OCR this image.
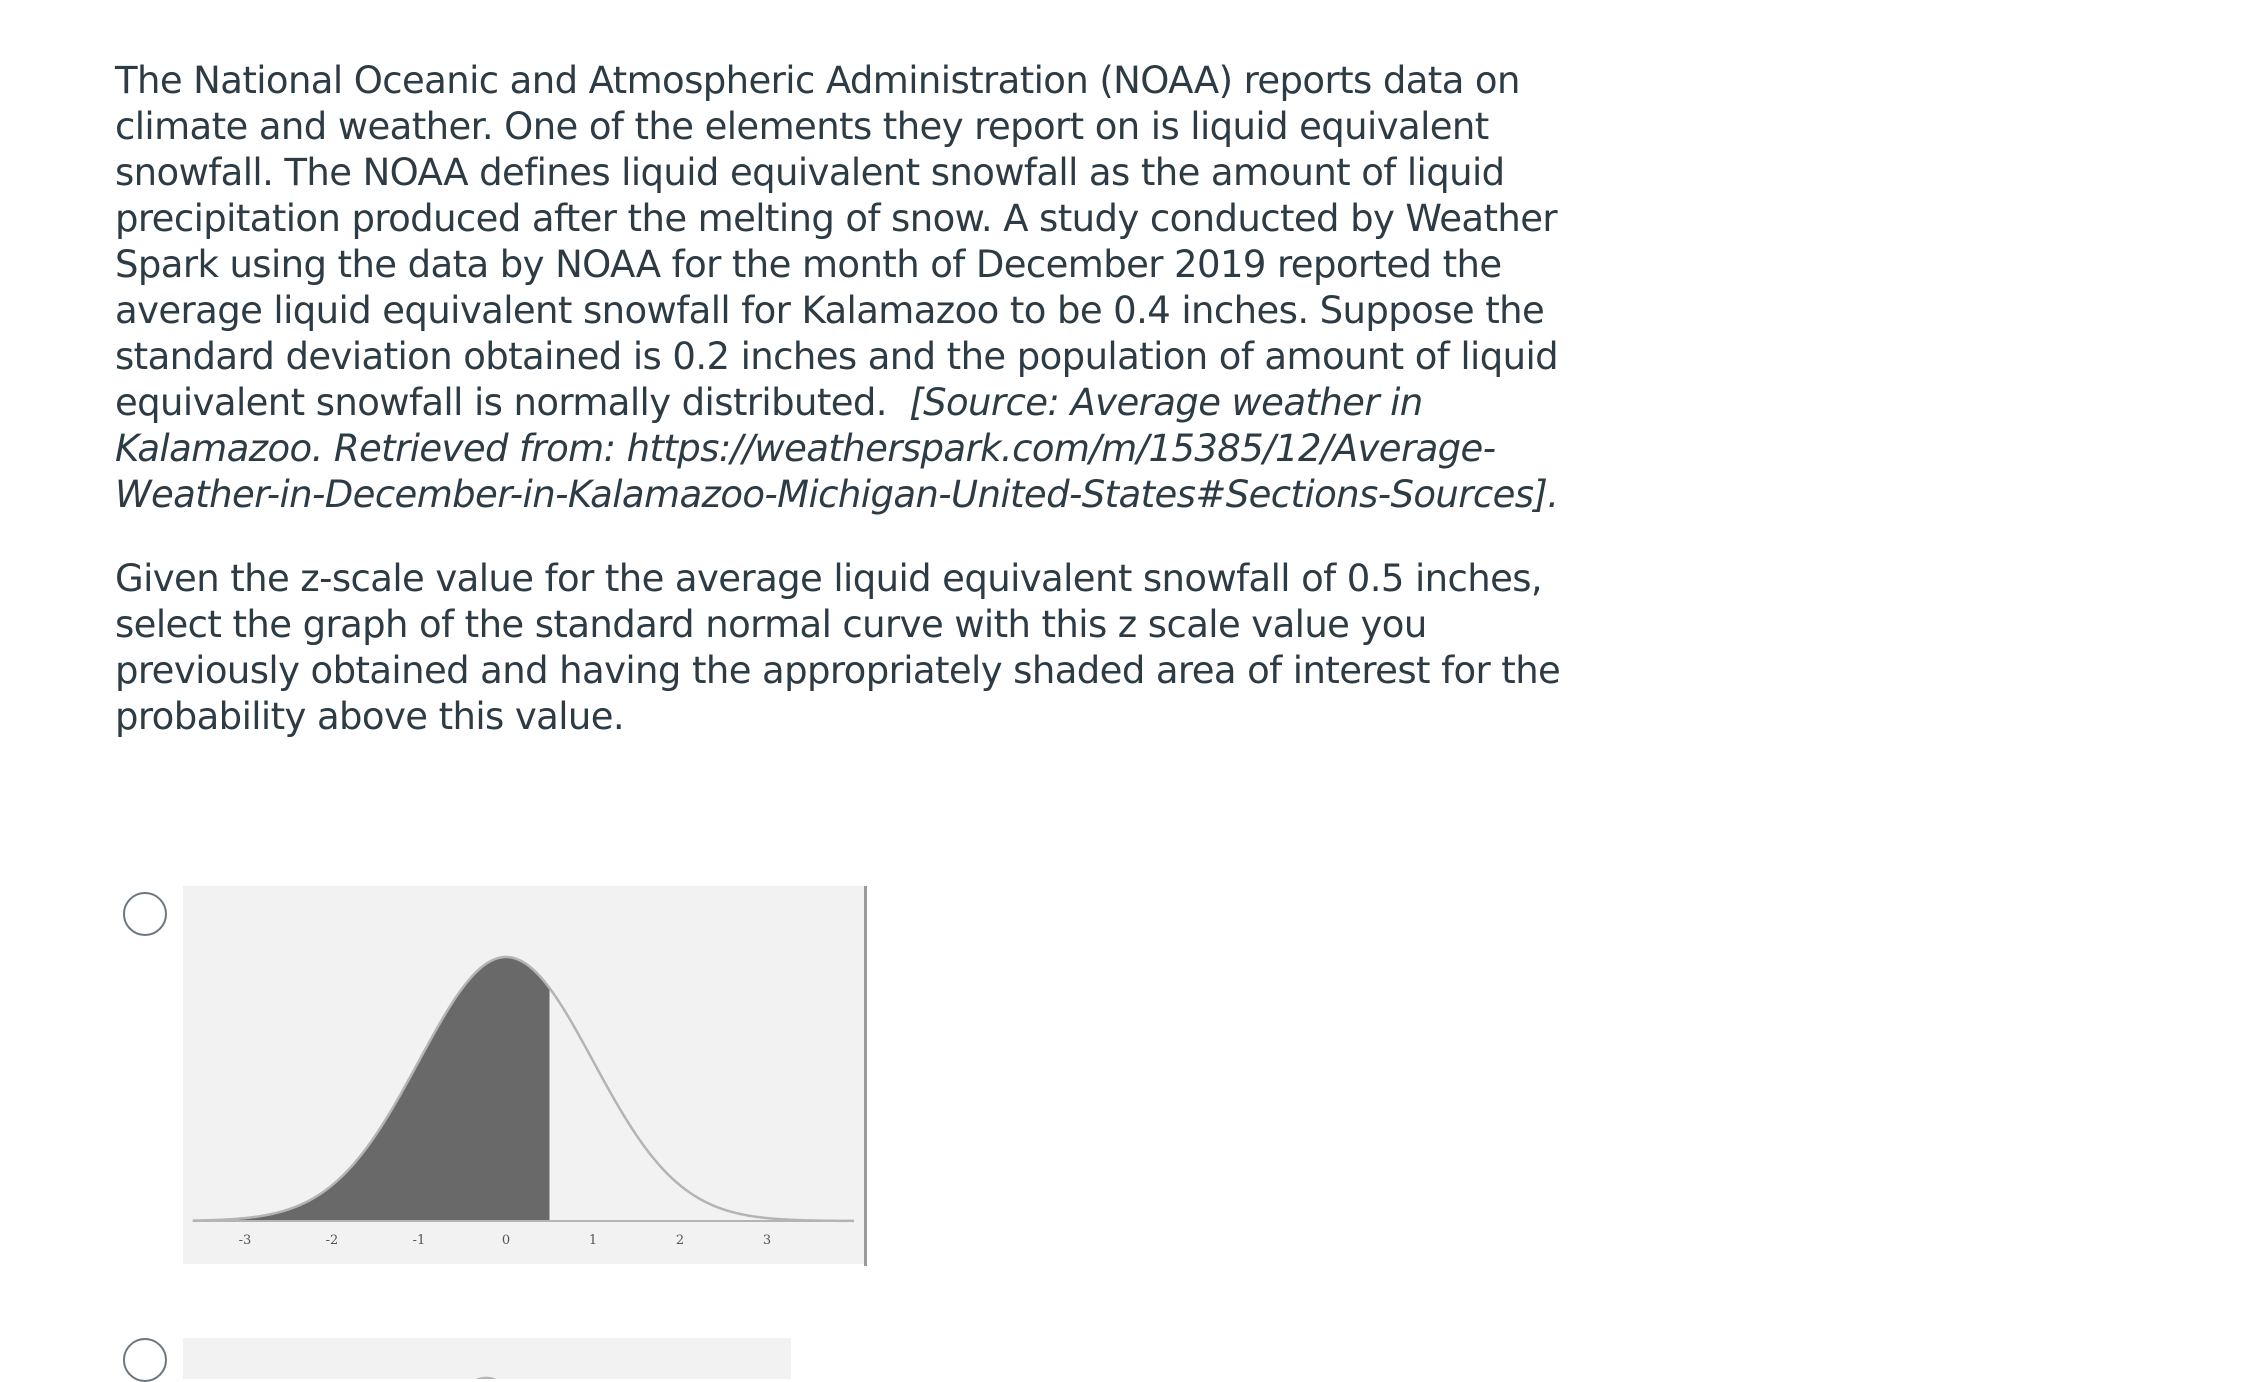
The National Oceanic and Atmospheric Administration (NOAA) reports data on climate and weather. One of the elements they report on is liquid equivalent snowfall. The NOAA defines liquid equivalent snowfall as the amount of liquid precipitation produced after the melting of snow. A study conducted by Weather Spark using the data by NOAA for the month of December 2019 reported the average liquid equivalent snowfall for Kalamazoo to be 0.4 inches. Suppose the standard deviation obtained is 0.2 inches and the population of amount of liquid equivalent snowfall is normally distributed. [Source: Average weather in Kalamazoo. Retrieved from: https://weatherspark.com/m/15385/12/Average-Weather-in-December-in-Kalamazoo-Michigan-United-States#Sections-Sources].

Given the z-scale value for the average liquid equivalent snowfall of 0.5 inches, select the graph of the standard normal curve with this z scale value you previously obtained and having the appropriately shaded area of interest for the probability above this value.

-3	-2	-1	0	1	2	3
